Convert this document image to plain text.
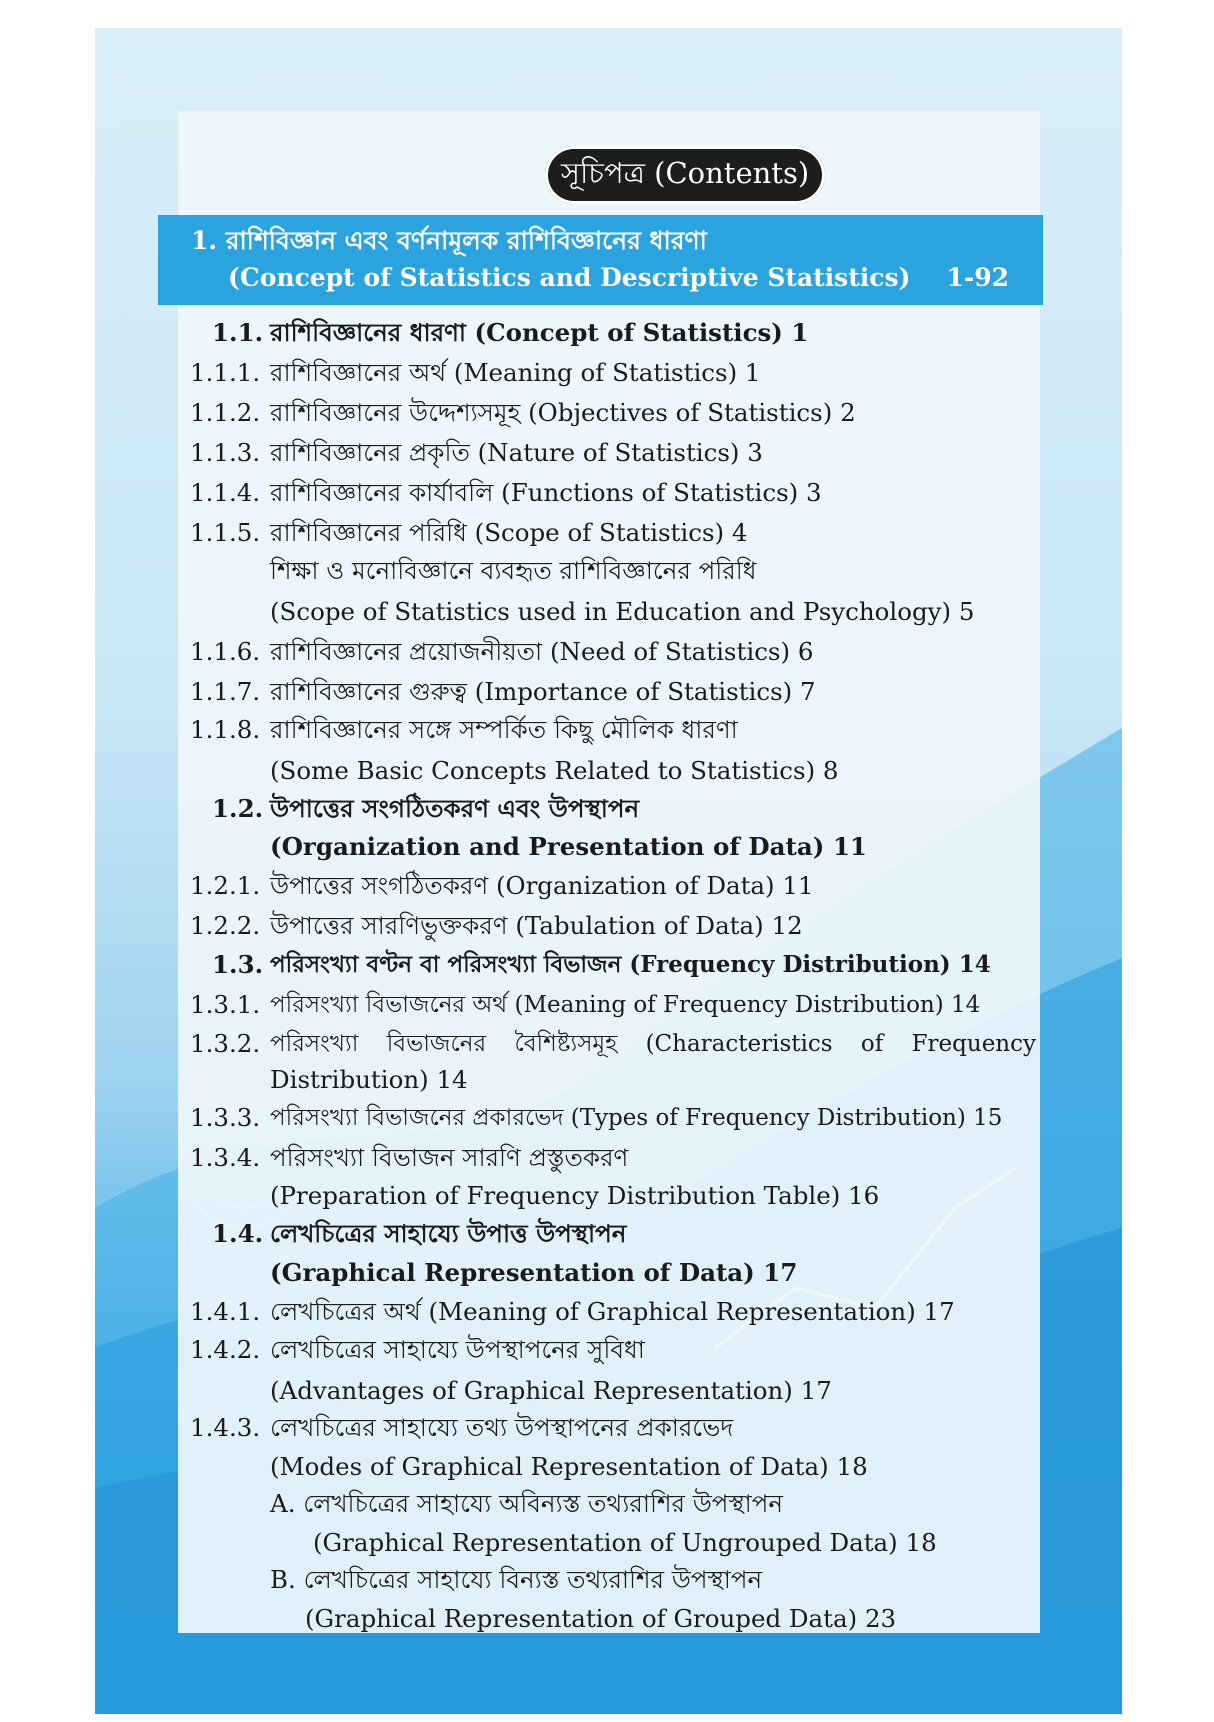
সূচিপত্র (Contents)
1. রাশিবিজ্ঞান এবং বর্ণনামূলক রাশিবিজ্ঞানের ধারণা
(Concept of Statistics and Descriptive Statistics) 1-92
1.1. রাশিবিজ্ঞানের ধারণা (Concept of Statistics) 1
1.1.1. রাশিবিজ্ঞানের অর্থ (Meaning of Statistics) 1
1.1.2. রাশিবিজ্ঞানের উদ্দেশ্যসমূহ (Objectives of Statistics) 2
1.1.3. রাশিবিজ্ঞানের প্রকৃতি (Nature of Statistics) 3
1.1.4. রাশিবিজ্ঞানের কার্যাবলি (Functions of Statistics) 3
1.1.5. রাশিবিজ্ঞানের পরিধি (Scope of Statistics) 4
শিক্ষা ও মনোবিজ্ঞানে ব্যবহৃত রাশিবিজ্ঞানের পরিধি
(Scope of Statistics used in Education and Psychology) 5
1.1.6. রাশিবিজ্ঞানের প্রয়োজনীয়তা (Need of Statistics) 6
1.1.7. রাশিবিজ্ঞানের গুরুত্ব (Importance of Statistics) 7
1.1.8. রাশিবিজ্ঞানের সঙ্গে সম্পর্কিত কিছু মৌলিক ধারণা
(Some Basic Concepts Related to Statistics) 8
1.2. উপাত্তের সংগঠিতকরণ এবং উপস্থাপন
(Organization and Presentation of Data) 11
1.2.1. উপাত্তের সংগঠিতকরণ (Organization of Data) 11
1.2.2. উপাত্তের সারণিভুক্তকরণ (Tabulation of Data) 12
1.3. পরিসংখ্যা বণ্টন বা পরিসংখ্যা বিভাজন (Frequency Distribution) 14
1.3.1. পরিসংখ্যা বিভাজনের অর্থ (Meaning of Frequency Distribution) 14
1.3.2. পরিসংখ্যা বিভাজনের বৈশিষ্ট্যসমূহ (Characteristics of Frequency
Distribution) 14
1.3.3. পরিসংখ্যা বিভাজনের প্রকারভেদ (Types of Frequency Distribution) 15
1.3.4. পরিসংখ্যা বিভাজন সারণি প্রস্তুতকরণ
(Preparation of Frequency Distribution Table) 16
1.4. লেখচিত্রের সাহায্যে উপাত্ত উপস্থাপন
(Graphical Representation of Data) 17
1.4.1. লেখচিত্রের অর্থ (Meaning of Graphical Representation) 17
1.4.2. লেখচিত্রের সাহায্যে উপস্থাপনের সুবিধা
(Advantages of Graphical Representation) 17
1.4.3. লেখচিত্রের সাহায্যে তথ্য উপস্থাপনের প্রকারভেদ
(Modes of Graphical Representation of Data) 18
A. লেখচিত্রের সাহায্যে অবিন্যস্ত তথ্যরাশির উপস্থাপন
(Graphical Representation of Ungrouped Data) 18
B. লেখচিত্রের সাহায্যে বিন্যস্ত তথ্যরাশির উপস্থাপন
(Graphical Representation of Grouped Data) 23
